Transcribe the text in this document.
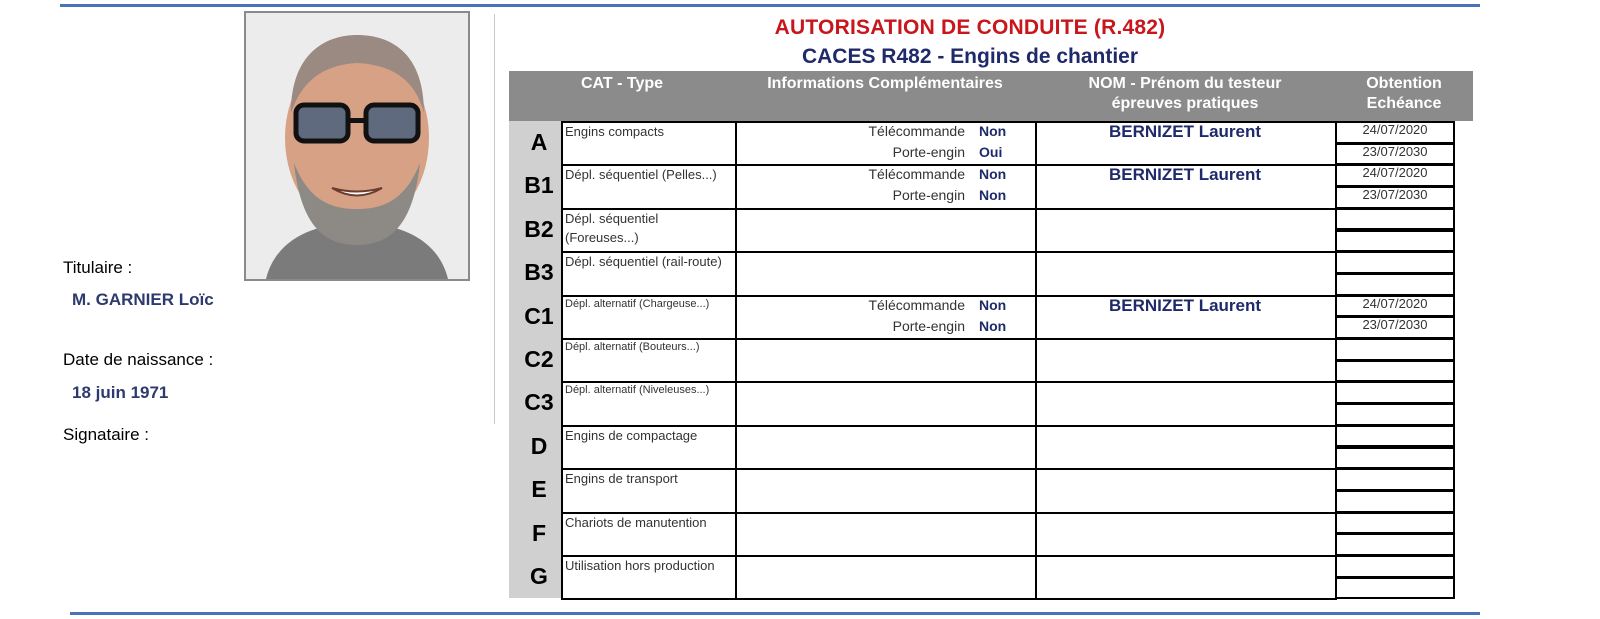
Titulaire :
M. GARNIER Loïc
Date de naissance :
18 juin 1971
Signataire :
AUTORISATION DE CONDUITE (R.482)
CACES R482 - Engins de chantier
CAT - Type	Informations Complémentaires	NOM - Prénom du testeur
épreuves pratiques
Obtention
Echéance
A	Engins compacts	Télécommande Non
Porte-engin Oui
BERNIZET Laurent	24/07/2020
23/07/2030
B1 Dépl. séquentiel (Pelles...)	Télécommande Non
Porte-engin Non
BERNIZET Laurent	24/07/2020
23/07/2030
B2 Dépl. séquentiel (Foreuses...)
B3 Dépl. séquentiel (rail-route)
C1	Dépl. alternatif (Chargeuse...)	Télécommande Non
Porte-engin Non
BERNIZET Laurent	24/07/2020
23/07/2030
C2	Dépl. alternatif (Bouteurs...)
C3	Dépl. alternatif (Niveleuses...)
D	Engins de compactage
E	Engins de transport
F	Chariots de manutention
G	Utilisation hors production
